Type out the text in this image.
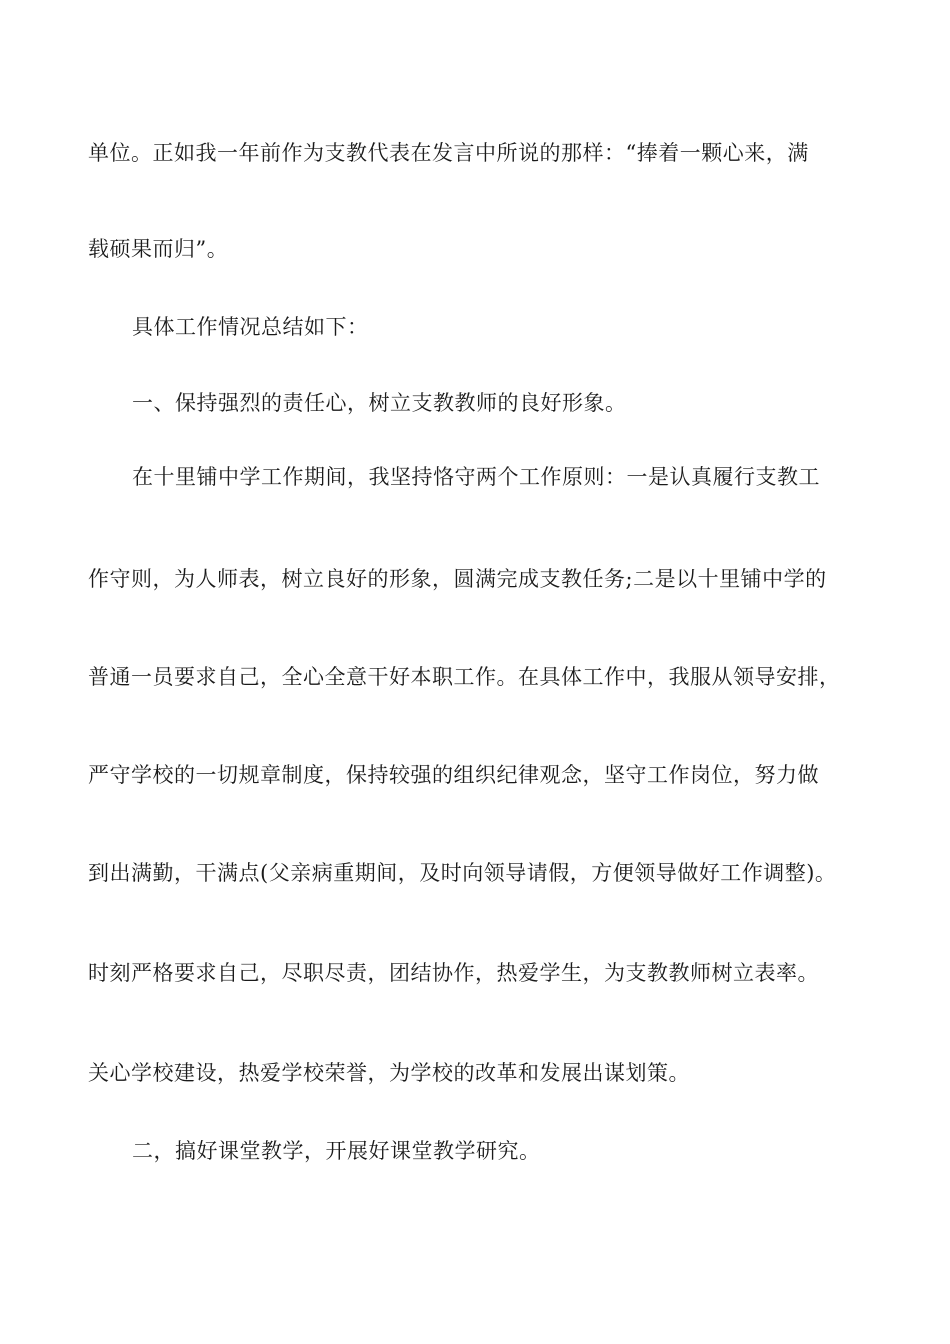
单位。正如我一年前作为支教代表在发言中所说的那样：“捧着一颗心来，满
载硕果而归”。
具体工作情况总结如下：
一、保持强烈的责任心，树立支教教师的良好形象。
在十里铺中学工作期间，我坚持恪守两个工作原则：一是认真履行支教工
作守则，为人师表，树立良好的形象，圆满完成支教任务;二是以十里铺中学的
普通一员要求自己，全心全意干好本职工作。在具体工作中，我服从领导安排，
严守学校的一切规章制度，保持较强的组织纪律观念，坚守工作岗位，努力做
到出满勤，干满点(父亲病重期间，及时向领导请假，方便领导做好工作调整)。
时刻严格要求自己，尽职尽责，团结协作，热爱学生，为支教教师树立表率。
关心学校建设，热爱学校荣誉，为学校的改革和发展出谋划策。
二，搞好课堂教学，开展好课堂教学研究。
